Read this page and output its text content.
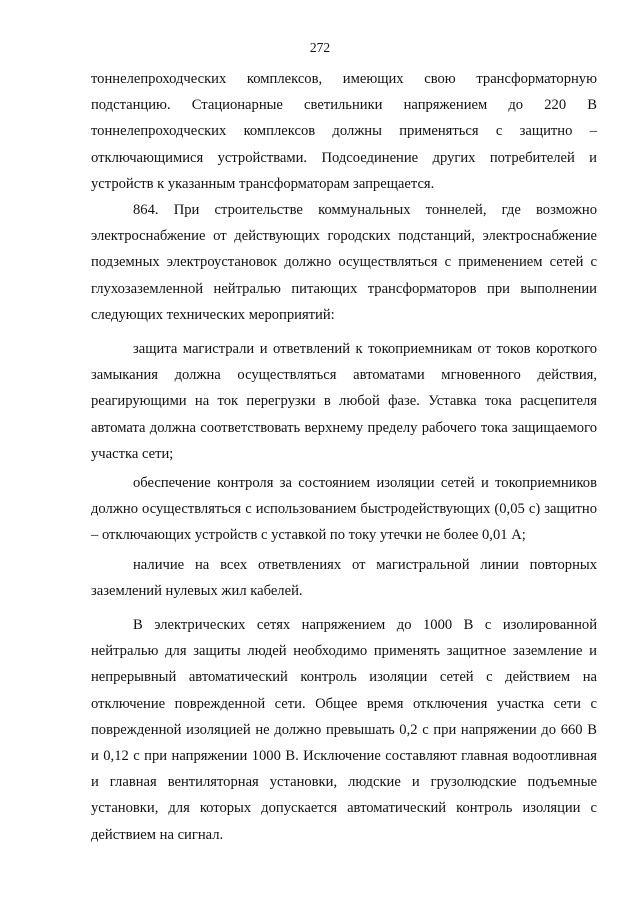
272

тоннелепроходческих комплексов, имеющих свою трансформаторную подстанцию. Стационарные светильники напряжением до 220 В тоннелепроходческих комплексов должны применяться с защитно – отключающимися устройствами. Подсоединение других потребителей и устройств к указанным трансформаторам запрещается.

864. При строительстве коммунальных тоннелей, где возможно электроснабжение от действующих городских подстанций, электроснабжение подземных электроустановок должно осуществляться с применением сетей с глухозаземленной нейтралью питающих трансформаторов при выполнении следующих технических мероприятий:

защита магистрали и ответвлений к токоприемникам от токов короткого замыкания должна осуществляться автоматами мгновенного действия, реагирующими на ток перегрузки в любой фазе. Уставка тока расцепителя автомата должна соответствовать верхнему пределу рабочего тока защищаемого участка сети;

обеспечение контроля за состоянием изоляции сетей и токоприемников должно осуществляться с использованием быстродействующих (0,05 с) защитно – отключающих устройств с уставкой по току утечки не более 0,01 А;

наличие на всех ответвлениях от магистральной линии повторных заземлений нулевых жил кабелей.

В электрических сетях напряжением до 1000 В с изолированной нейтралью для защиты людей необходимо применять защитное заземление и непрерывный автоматический контроль изоляции сетей с действием на отключение поврежденной сети. Общее время отключения участка сети с поврежденной изоляцией не должно превышать 0,2 с при напряжении до 660 В и 0,12 с при напряжении 1000 В. Исключение составляют главная водоотливная и главная вентиляторная установки, людские и грузолюдские подъемные установки, для которых допускается автоматический контроль изоляции с действием на сигнал.
